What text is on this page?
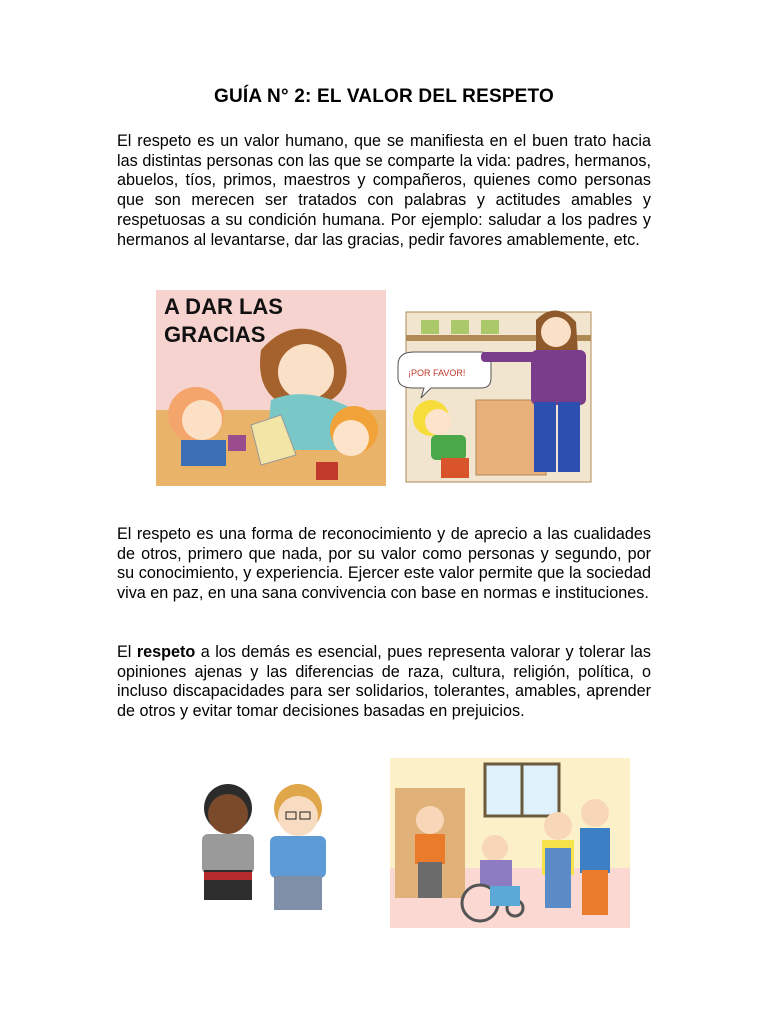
GUÍA N° 2: EL VALOR DEL RESPETO
El respeto es un valor humano, que se manifiesta en el buen trato hacia las distintas personas con las que se comparte la vida: padres, hermanos, abuelos, tíos, primos, maestros y compañeros, quienes como personas que son merecen ser tratados con palabras y actitudes amables y respetuosas a su condición humana. Por ejemplo: saludar a los padres y hermanos al levantarse, dar las gracias, pedir favores amablemente, etc.
A DAR LAS
GRACIAS
¡POR FAVOR!
El respeto es una forma de reconocimiento y de aprecio a las cualidades de otros, primero que nada, por su valor como personas y segundo, por su conocimiento, y experiencia. Ejercer este valor permite que la sociedad viva en paz, en una sana convivencia con base en normas e instituciones.
El respeto a los demás es esencial, pues representa valorar y tolerar las opiniones ajenas y las diferencias de raza, cultura, religión, política, o incluso discapacidades para ser solidarios, tolerantes, amables, aprender de otros y evitar tomar decisiones basadas en prejuicios.
